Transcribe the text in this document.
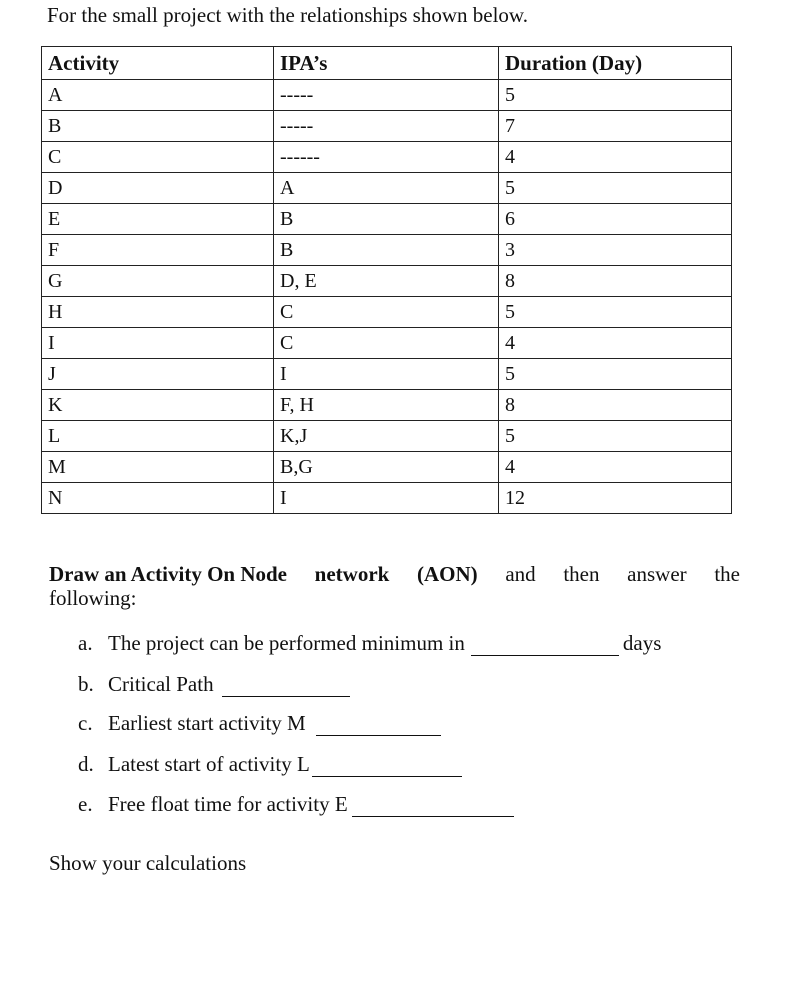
For the small project with the relationships shown below.
Activity	IPA’s	Duration (Day)
A	-----	5
B	-----	7
C	------	4
D	A	5
E	B	6
F	B	3
G	D, E	8
H	C	5
I	C	4
J	I	5
K	F, H	8
L	K,J	5
M	B,G	4
N	I	12
Draw an Activity On Node network (AON) and then answer the
following:
a. The project can be performed minimum in	days
b. Critical Path
c. Earliest start activity M
d. Latest start of activity L
e. Free float time for activity E
Show your calculations
